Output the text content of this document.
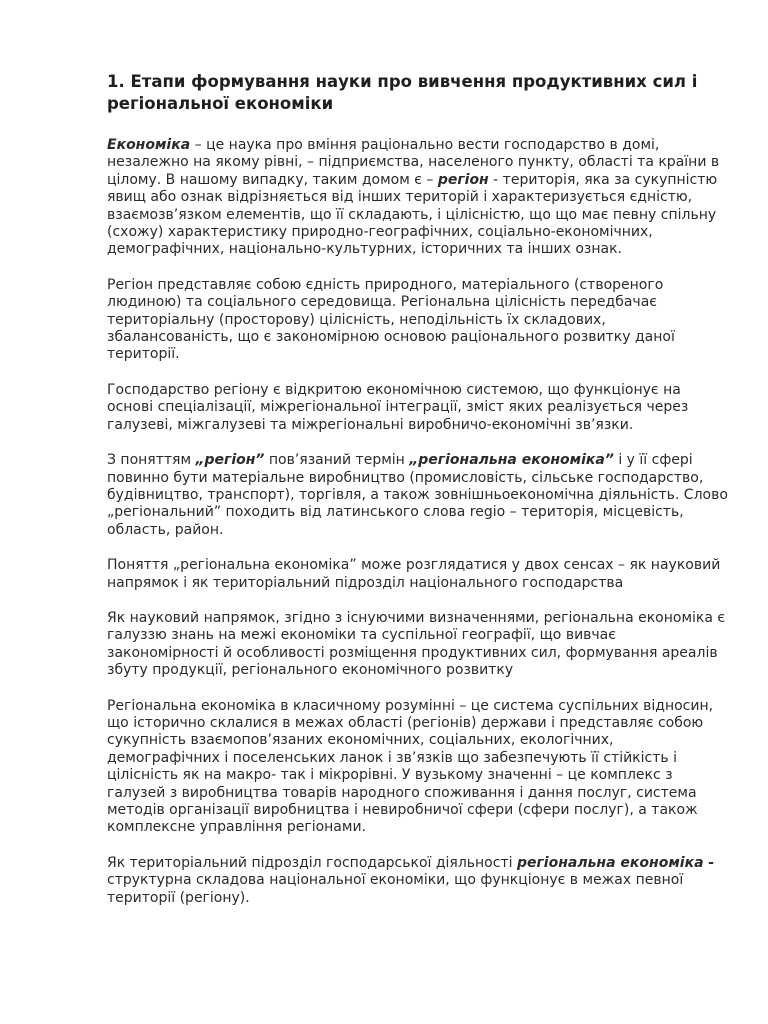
1. Етапи формування науки про вивчення продуктивних сил і регіональної економіки

Економіка – це наука про вміння раціонально вести господарство в домі, незалежно на якому рівні, – підприємства, населеного пункту, області та країни в цілому. В нашому випадку, таким домом є – регіон - територія, яка за сукупністю явищ або ознак відрізняється від інших територій і характеризується єдністю, взаємозв’язком елементів, що її складають, і цілісністю, що що має певну спільну (схожу) характеристику природно-географічних, соціально-економічних, демографічних, національно-культурних, історичних та інших ознак.

Регіон представляє собою єдність природного, матеріального (створеного людиною) та соціального середовища. Регіональна цілісність передбачає територіальну (просторову) цілісність, неподільність їх складових, збалансованість, що є закономірною основою раціонального розвитку даної території.

Господарство регіону є відкритою економічною системою, що функціонує на основі спеціалізації, міжрегіональної інтеграції, зміст яких реалізується через галузеві, міжгалузеві та міжрегіональні виробничо-економічні зв’язки.

З поняттям „регіон” пов’язаний термін „регіональна економіка” і у її сфері повинно бути матеріальне виробництво (промисловість, сільське господарство, будівництво, транспорт), торгівля, а також зовнішньоекономічна діяльність. Слово „регіональний” походить від латинського слова regio – територія, місцевість, область, район.

Поняття „регіональна економіка” може розглядатися у двох сенсах – як науковий напрямок і як територіальний підрозділ національного господарства

Як науковий напрямок, згідно з існуючими визначеннями, регіональна економіка є галуззю знань на межі економіки та суспільної географії, що вивчає закономірності й особливості розміщення продуктивних сил, формування ареалів збуту продукції, регіонального економічного розвитку

Регіональна економіка в класичному розумінні – це система суспільних відносин, що історично склалися в межах області (регіонів) держави і представляє собою сукупність взаємопов’язаних економічних, соціальних, екологічних, демографічних і поселенських ланок і зв’язків що забезпечують її стійкість і цілісність як на макро- так і мікрорівні. У вузькому значенні – це комплекс з галузей з виробництва товарів народного споживання і дання послуг, система методів організації виробництва і невиробничої сфери (сфери послуг), а також комплексне управління регіонами.

Як територіальний підрозділ господарської діяльності регіональна економіка - структурна складова національної економіки, що функціонує в межах певної території (регіону).
